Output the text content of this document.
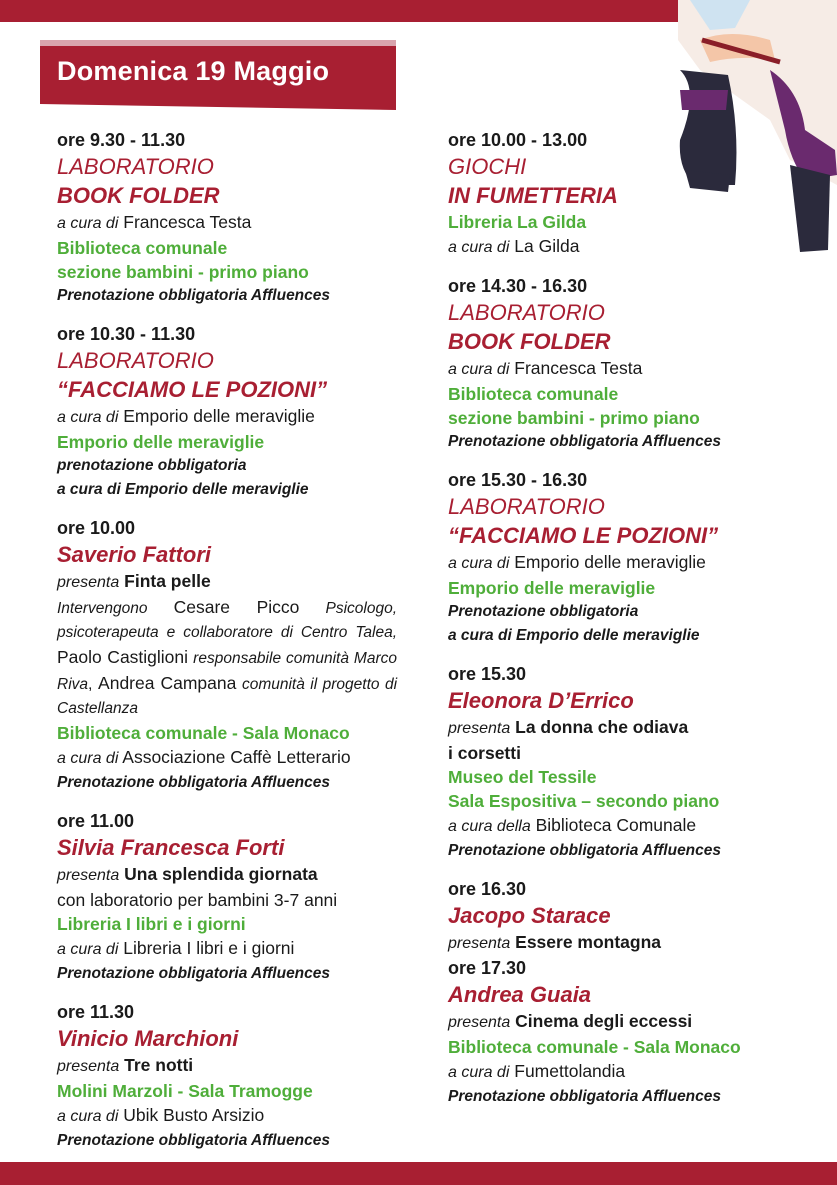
Domenica 19 Maggio
ore 9.30 - 11.30
LABORATORIO
BOOK FOLDER
a cura di Francesca Testa
Biblioteca comunale
sezione bambini - primo piano
Prenotazione obbligatoria Affluences
ore 10.30 - 11.30
LABORATORIO
“FACCIAMO LE POZIONI”
a cura di Emporio delle meraviglie
Emporio delle meraviglie
prenotazione obbligatoria
a cura di Emporio delle meraviglie
ore 10.00
Saverio Fattori
presenta Finta pelle
Intervengono Cesare Picco Psicologo, psicoterapeuta e collaboratore di Centro Talea, Paolo Castiglioni responsabile comunità Marco Riva, Andrea Campana comunità il progetto di Castellanza
Biblioteca comunale - Sala Monaco
a cura di Associazione Caffè Letterario
Prenotazione obbligatoria Affluences
ore 11.00
Silvia Francesca Forti
presenta Una splendida giornata
con laboratorio per bambini 3-7 anni
Libreria I libri e i giorni
a cura di Libreria I libri e i giorni
Prenotazione obbligatoria Affluences
ore 11.30
Vinicio Marchioni
presenta Tre notti
Molini Marzoli - Sala Tramogge
a cura di Ubik Busto Arsizio
Prenotazione obbligatoria Affluences
ore 10.00 - 13.00
GIOCHI
IN FUMETTERIA
Libreria La Gilda
a cura di La Gilda
ore 14.30 - 16.30
LABORATORIO
BOOK FOLDER
a cura di Francesca Testa
Biblioteca comunale
sezione bambini - primo piano
Prenotazione obbligatoria Affluences
ore 15.30 - 16.30
LABORATORIO
“FACCIAMO LE POZIONI”
a cura di Emporio delle meraviglie
Emporio delle meraviglie
Prenotazione obbligatoria
a cura di Emporio delle meraviglie
ore 15.30
Eleonora D’Errico
presenta La donna che odiava
i corsetti
Museo del Tessile
Sala Espositiva – secondo piano
a cura della Biblioteca Comunale
Prenotazione obbligatoria Affluences
ore 16.30
Jacopo Starace
presenta Essere montagna
ore 17.30
Andrea Guaia
presenta Cinema degli eccessi
Biblioteca comunale - Sala Monaco
a cura di Fumettolandia
Prenotazione obbligatoria Affluences
